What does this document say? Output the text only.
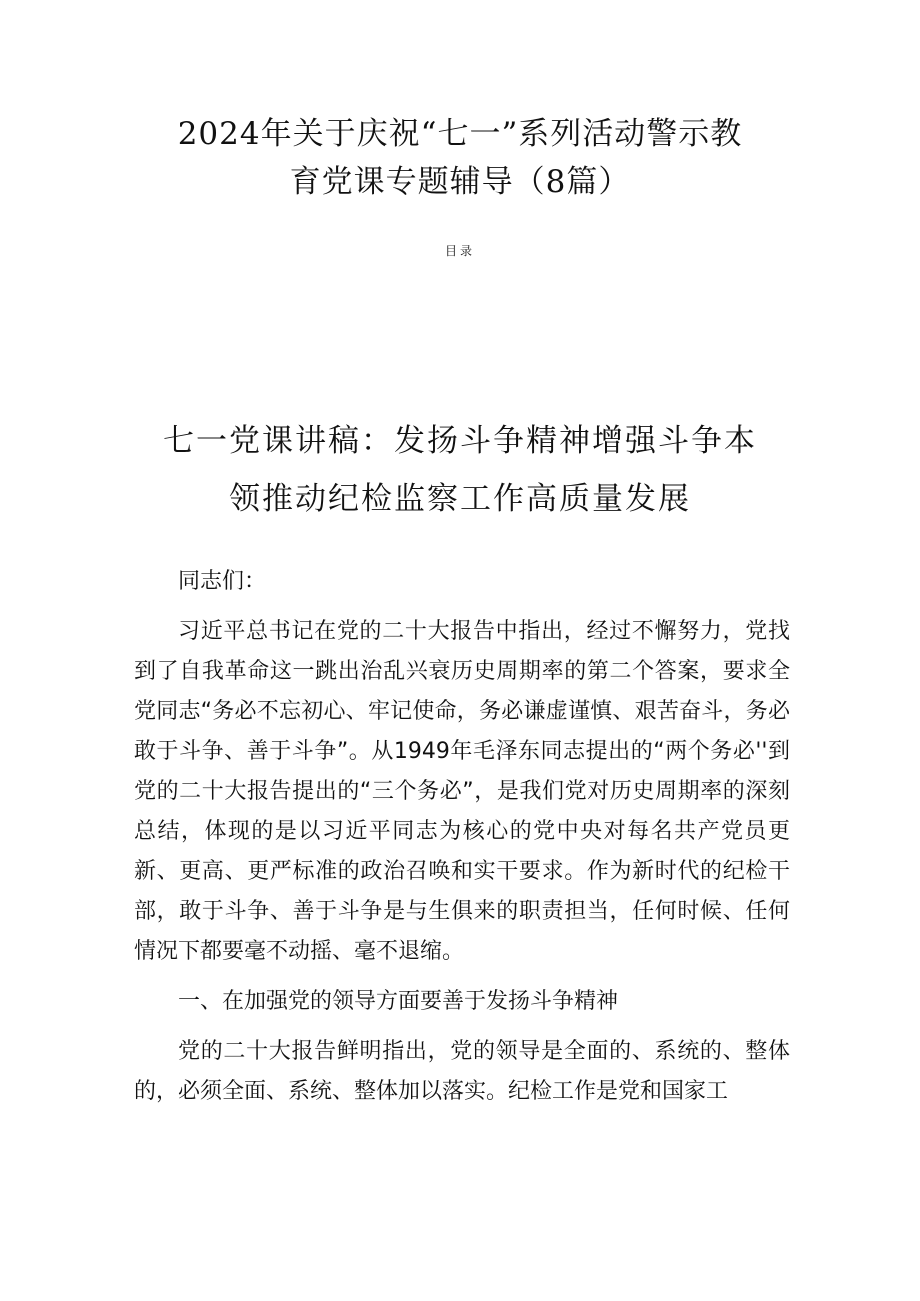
2024年关于庆祝“七一”系列活动警示教
育党课专题辅导（8篇）
目录
七一党课讲稿：发扬斗争精神增强斗争本
领推动纪检监察工作高质量发展

同志们：

习近平总书记在党的二十大报告中指出，经过不懈努力，党找到了自我革命这一跳出治乱兴衰历史周期率的第二个答案，要求全党同志“务必不忘初心、牢记使命，务必谦虚谨慎、艰苦奋斗，务必敢于斗争、善于斗争”。从1949年毛泽东同志提出的“两个务必''到党的二十大报告提出的“三个务必”，是我们党对历史周期率的深刻总结，体现的是以习近平同志为核心的党中央对每名共产党员更新、更高、更严标准的政治召唤和实干要求。作为新时代的纪检干部，敢于斗争、善于斗争是与生俱来的职责担当，任何时候、任何情况下都要毫不动摇、毫不退缩。

一、在加强党的领导方面要善于发扬斗争精神

党的二十大报告鲜明指出，党的领导是全面的、系统的、整体的，必须全面、系统、整体加以落实。纪检工作是党和国家工
